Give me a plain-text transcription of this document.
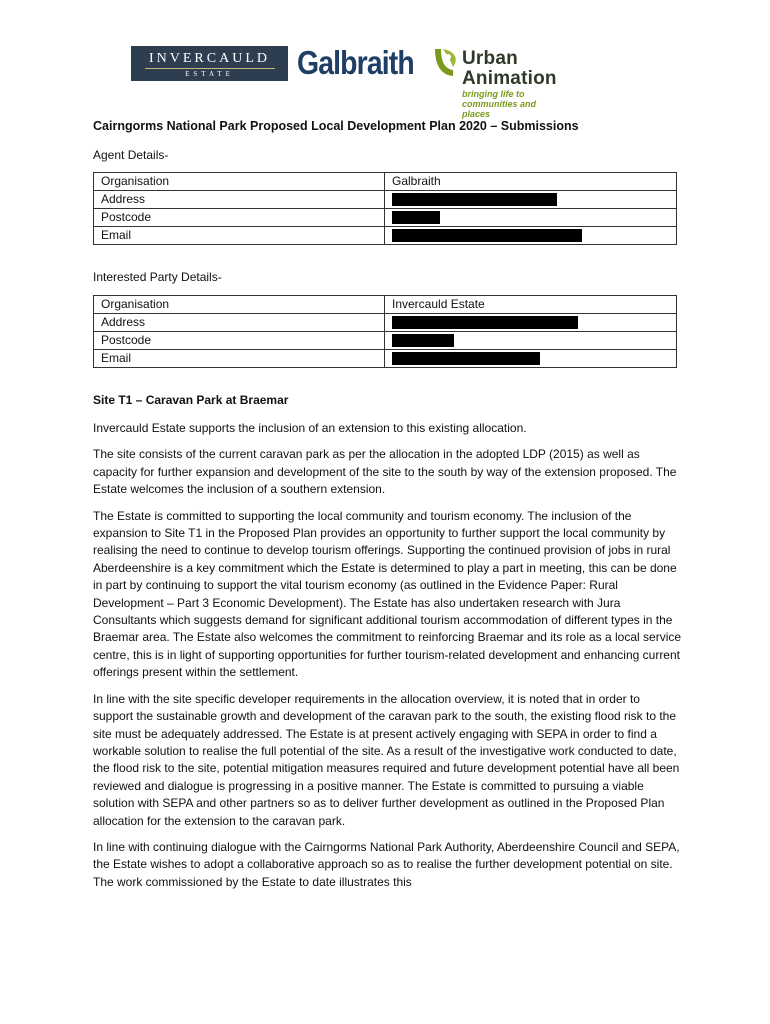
INVERCAULD
ESTATE	Galbraith	Urban Animation
bringing life to communities and places
Cairngorms National Park Proposed Local Development Plan 2020 – Submissions
Agent Details-
Organisation	Galbraith
Address	
Postcode	
Email	
Interested Party Details-
Organisation	Invercauld Estate
Address	
Postcode	
Email	
Site T1 – Caravan Park at Braemar

Invercauld Estate supports the inclusion of an extension to this existing allocation.

The site consists of the current caravan park as per the allocation in the adopted LDP (2015) as well as capacity for further expansion and development of the site to the south by way of the extension proposed. The Estate welcomes the inclusion of a southern extension.

The Estate is committed to supporting the local community and tourism economy. The inclusion of the expansion to Site T1 in the Proposed Plan provides an opportunity to further support the local community by realising the need to continue to develop tourism offerings. Supporting the continued provision of jobs in rural Aberdeenshire is a key commitment which the Estate is determined to play a part in meeting, this can be done in part by continuing to support the vital tourism economy (as outlined in the Evidence Paper: Rural Development – Part 3 Economic Development). The Estate has also undertaken research with Jura Consultants which suggests demand for significant additional tourism accommodation of different types in the Braemar area. The Estate also welcomes the commitment to reinforcing Braemar and its role as a local service centre, this is in light of supporting opportunities for further tourism-related development and enhancing current offerings present within the settlement.

In line with the site specific developer requirements in the allocation overview, it is noted that in order to support the sustainable growth and development of the caravan park to the south, the existing flood risk to the site must be adequately addressed. The Estate is at present actively engaging with SEPA in order to find a workable solution to realise the full potential of the site. As a result of the investigative work conducted to date, the flood risk to the site, potential mitigation measures required and future development potential have all been reviewed and dialogue is progressing in a positive manner. The Estate is committed to pursuing a viable solution with SEPA and other partners so as to deliver further development as outlined in the Proposed Plan allocation for the extension to the caravan park.

In line with continuing dialogue with the Cairngorms National Park Authority, Aberdeenshire Council and SEPA, the Estate wishes to adopt a collaborative approach so as to realise the further development potential on site. The work commissioned by the Estate to date illustrates this
